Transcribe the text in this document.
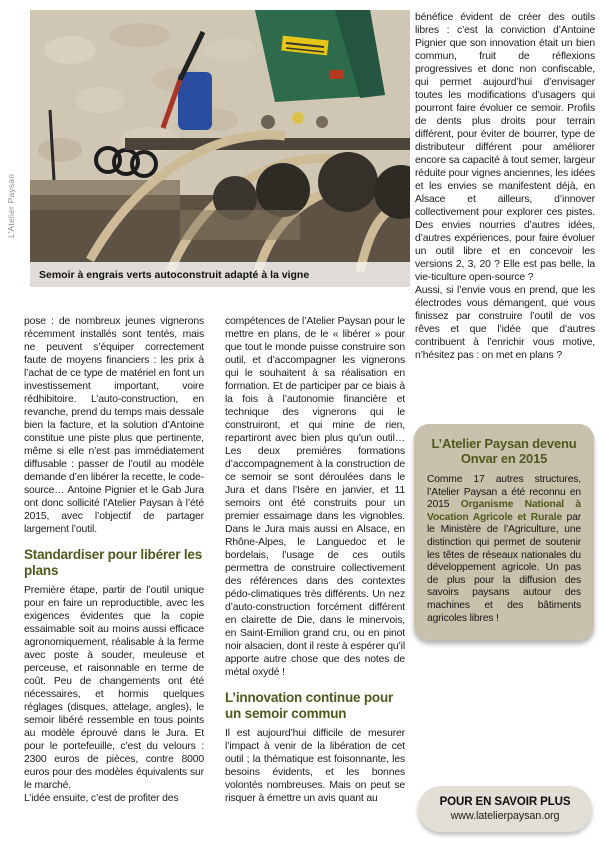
L’Atelier Paysan
Semoir à engrais verts autoconstruit adapté à la vigne

pose : de nombreux jeunes vignerons récemment installés sont tentés, mais ne peuvent s’équiper correctement faute de moyens financiers : les prix à l’achat de ce type de matériel en font un investissement important, voire rédhibitoire. L’auto-construction, en revanche, prend du temps mais dessale bien la facture, et la solution d’Antoine constitue une piste plus que pertinente, même si elle n’est pas immédiatement diffusable : passer de l’outil au modèle demande d’en libérer la recette, le code-source… Antoine Pignier et le Gab Jura ont donc sollicité l’Atelier Paysan à l’été 2015, avec l’objectif de partager largement l’outil.

Standardiser pour libérer les plans

Première étape, partir de l’outil unique pour en faire un reproductible, avec les exigences évidentes que la copie essaimable soit au moins aussi efficace agronomiquement, réalisable à la ferme avec poste à souder, meuleuse et perceuse, et raisonnable en terme de coût. Peu de changements ont été nécessaires, et hormis quelques réglages (disques, attelage, angles), le semoir libéré ressemble en tous points au modèle éprouvé dans le Jura. Et pour le portefeuille, c’est du velours : 2300 euros de pièces, contre 8000 euros pour des modèles équivalents sur le marché.

L’idée ensuite, c’est de profiter des

compétences de l’Atelier Paysan pour le mettre en plans, de le « libérer » pour que tout le monde puisse construire son outil, et d’accompagner les vignerons qui le souhaitent à sa réalisation en formation. Et de participer par ce biais à la fois à l’autonomie financière et technique des vignerons qui le construiront, et qui mine de rien, repartiront avec bien plus qu’un outil… Les deux premières formations d’accompagnement à la construction de ce semoir se sont déroulées dans le Jura et dans l’Isère en janvier, et 11 semoirs ont été construits pour un premier essaimage dans les vignobles. Dans le Jura mais aussi en Alsace, en Rhône-Alpes, le Languedoc et le bordelais, l’usage de ces outils permettra de construire collectivement des références dans des contextes pédo-climatiques très différents. Un nez d’auto-construction forcément différent en clairette de Die, dans le minervois, en Saint-Emilion grand cru, ou en pinot noir alsacien, dont il reste à espérer qu’il apporte autre chose que des notes de métal oxydé !

L’innovation continue pour un semoir commun

Il est aujourd’hui difficile de mesurer l’impact à venir de la libération de cet outil ; la thématique est foisonnante, les besoins évidents, et les bonnes volontés nombreuses. Mais on peut se risquer à émettre un avis quant au

bénéfice évident de créer des outils libres : c’est la conviction d’Antoine Pignier que son innovation était un bien commun, fruit de réflexions progressives et donc non confiscable, qui permet aujourd’hui d’envisager toutes les modifications d’usagers qui pourront faire évoluer ce semoir. Profils de dents plus droits pour terrain différent, pour éviter de bourrer, type de distributeur différent pour améliorer encore sa capacité à tout semer, largeur réduite pour vignes anciennes, les idées et les envies se manifestent déjà, en Alsace et ailleurs, d’innover collectivement pour explorer ces pistes. Des envies nourries d’autres idées, d’autres expériences, pour faire évoluer un outil libre et en concevoir les versions 2, 3, 20 ? Elle est pas belle, la vie-ticulture open-source ?

Aussi, si l’envie vous en prend, que les électrodes vous démangent, que vous finissez par construire l’outil de vos rêves et que l’idée que d’autres contribuent à l’enrichir vous motive, n’hésitez pas : on met en plans ?

L’Atelier Paysan devenu Onvar en 2015
Comme 17 autres structures, l’Atelier Paysan a été reconnu en 2015 Organisme National à Vocation Agricole et Rurale par le Ministère de l’Agriculture, une distinction qui permet de soutenir les têtes de réseaux nationales du développement agricole. Un pas de plus pour la diffusion des savoirs paysans autour des machines et des bâtiments agricoles libres !
POUR EN SAVOIR PLUS
www.latelierpaysan.org
